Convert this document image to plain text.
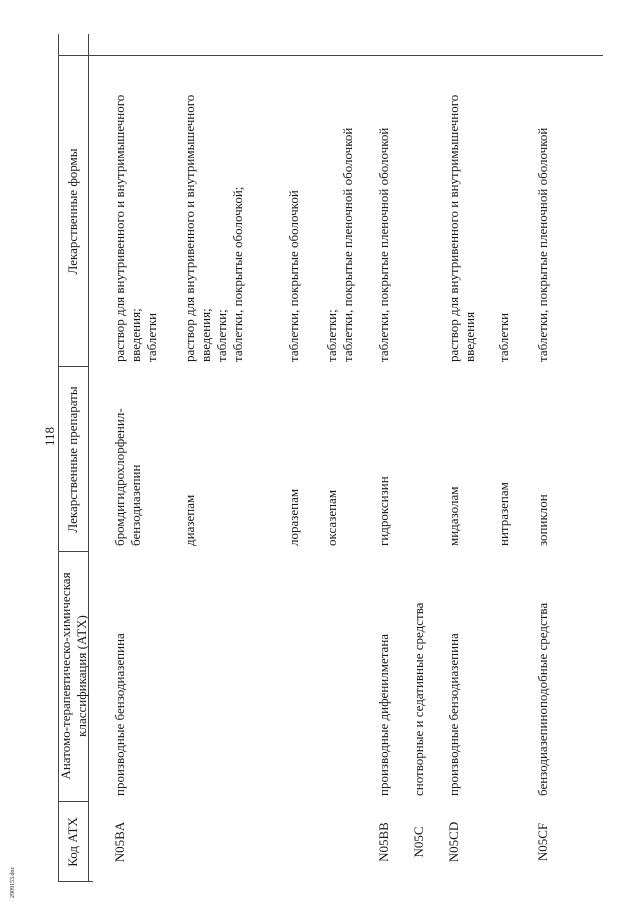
118
2909153.doc
Код АТХ
Анатомо-терапевтическо-химическая классификация (АТХ)
Лекарственные препараты
Лекарственные формы
N05BA
производные бензодиазепина
бромдигидрохлорфенил-бензодиазепин
раствор для внутривенного и внутримышечного введения; таблетки
диазепам
раствор для внутривенного и внутримышечного введения; таблетки; таблетки, покрытые оболочкой;
лоразепам
таблетки, покрытые оболочкой
оксазепам
таблетки; таблетки, покрытые пленочной оболочкой
N05BB
производные дифенилметана
гидроксизин
таблетки, покрытые пленочной оболочкой
N05C
снотворные и седативные средства
N05CD
производные бензодиазепина
мидазолам
раствор для внутривенного и внутримышечного введения
нитразепам
таблетки
N05CF
бензодиазепиноподобные средства
зопиклон
таблетки, покрытые пленочной оболочкой
